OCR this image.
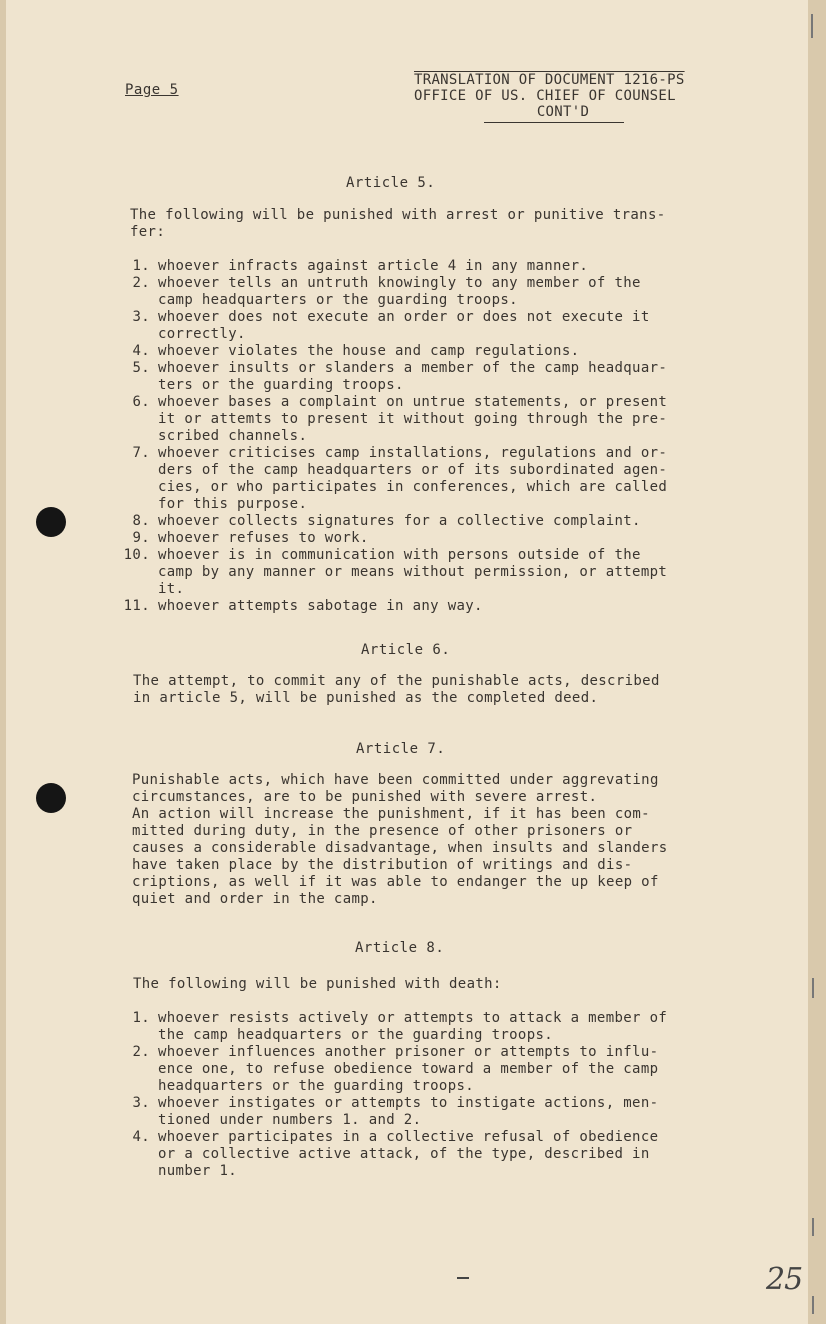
Page 5
TRANSLATION OF DOCUMENT 1216-PS
OFFICE OF US. CHIEF OF COUNSEL
CONT'D
Article 5.
The following will be punished with arrest or punitive trans-
fer:
1. whoever infracts against article 4 in any manner.
2. whoever tells an untruth knowingly to any member of the
camp headquarters or the guarding troops.
3. whoever does not execute an order or does not execute it
correctly.
4. whoever violates the house and camp regulations.
5. whoever insults or slanders a member of the camp headquar-
ters or the guarding troops.
6. whoever bases a complaint on untrue statements, or present
it or attemts to present it without going through the pre-
scribed channels.
7. whoever criticises camp installations, regulations and or-
ders of the camp headquarters or of its subordinated agen-
cies, or who participates in conferences, which are called
for this purpose.
8. whoever collects signatures for a collective complaint.
9. whoever refuses to work.
10. whoever is in communication with persons outside of the
camp by any manner or means without permission, or attempt
it.
11. whoever attempts sabotage in any way.
Article 6.
The attempt, to commit any of the punishable acts, described
in article 5, will be punished as the completed deed.
Article 7.
Punishable acts, which have been committed under aggrevating
circumstances, are to be punished with severe arrest.
An action will increase the punishment, if it has been com-
mitted during duty, in the presence of other prisoners or
causes a considerable disadvantage, when insults and slanders
have taken place by the distribution of writings and dis-
criptions, as well if it was able to endanger the up keep of
quiet and order in the camp.
Article 8.
The following will be punished with death:
1. whoever resists actively or attempts to attack a member of
the camp headquarters or the guarding troops.
2. whoever influences another prisoner or attempts to influ-
ence one, to refuse obedience toward a member of the camp
headquarters or the guarding troops.
3. whoever instigates or attempts to instigate actions, men-
tioned under numbers 1. and 2.
4. whoever participates in a collective refusal of obedience
or a collective active attack, of the type, described in
number 1.
25
